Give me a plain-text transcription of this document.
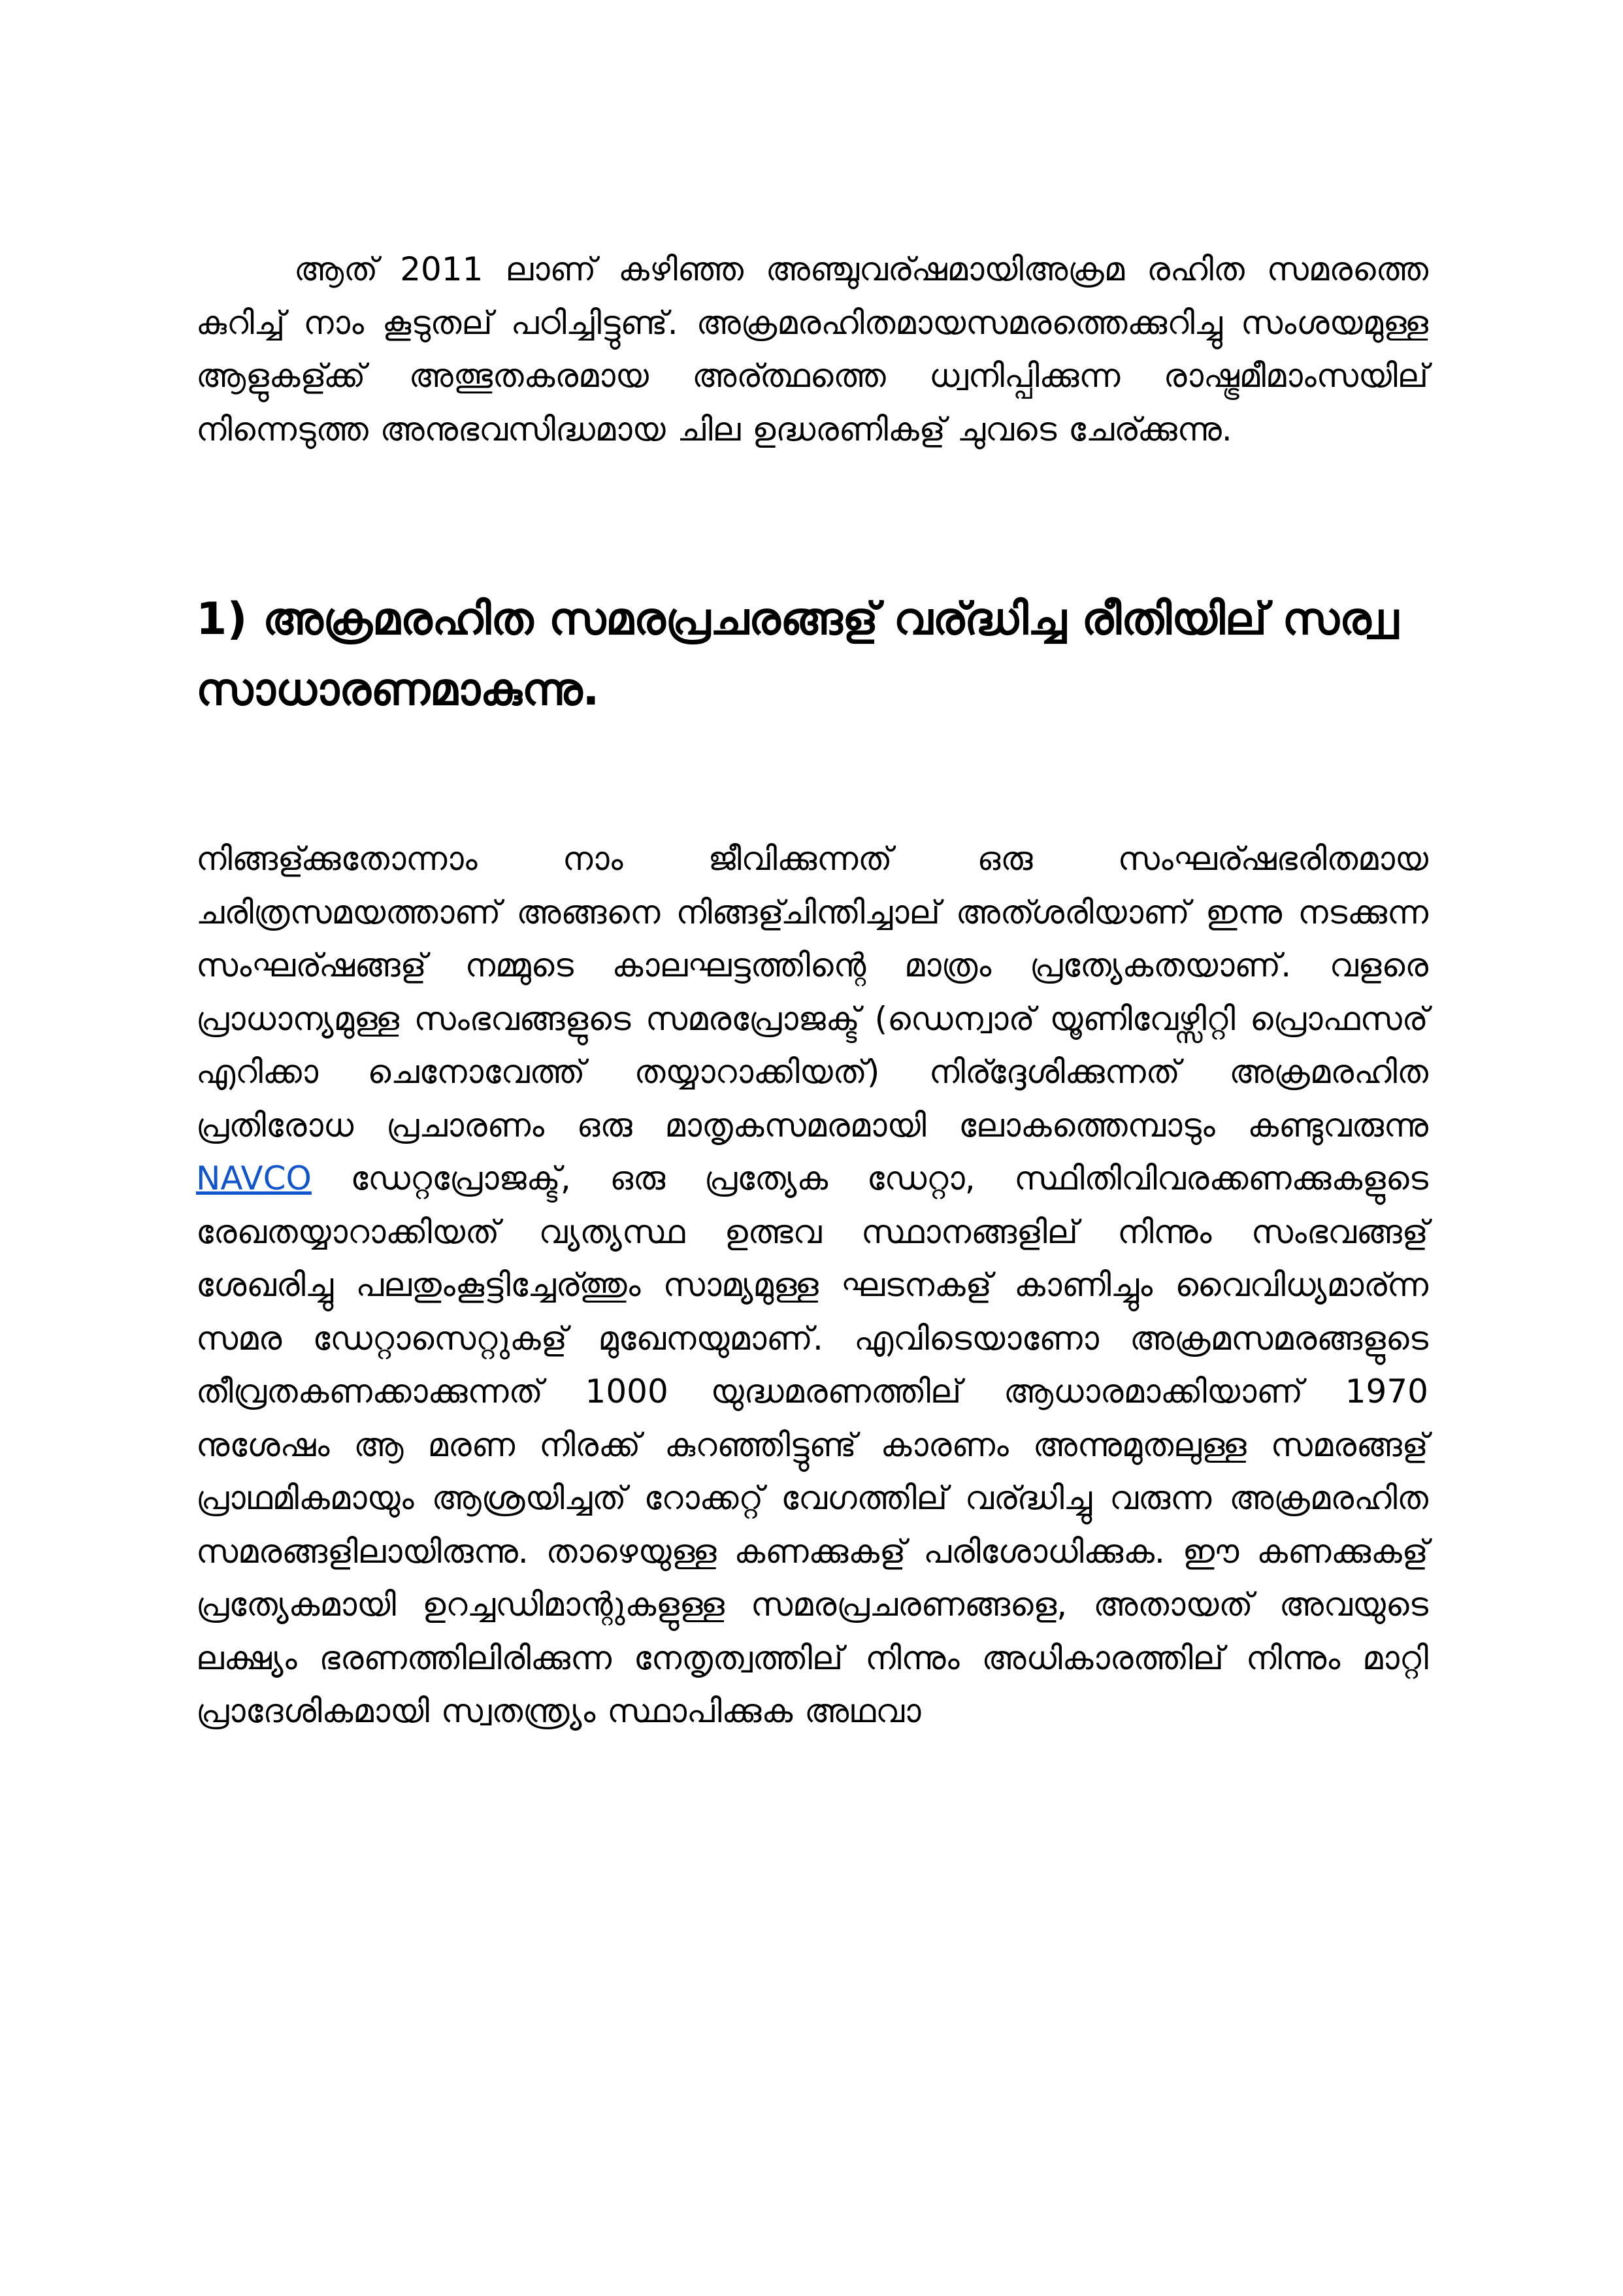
ആത് 2011 ലാണ് കഴിഞ്ഞ അഞ്ചുവര്ഷമായിഅക്രമ രഹിത സമരത്തെ കുറിച്ച് നാം കൂടുതല് പഠിച്ചിട്ടുണ്ട്. അക്രമരഹിതമായസമരത്തെക്കുറിച്ചു സംശയമുള്ള ആളുകള്ക്ക് അത്ഭുതകരമായ അര്ത്ഥത്തെ ധ്വനിപ്പിക്കുന്ന രാഷ്ട്രമീമാംസയില് നിന്നെടുത്ത അനുഭവസിദ്ധമായ ചില ഉദ്ധരണികള് ചുവടെ ചേര്ക്കുന്നു.

1) അക്രമരഹിത സമരപ്രചരങ്ങള് വര്ദ്ധിച്ച രീതിയില് സര്വ്വ സാധാരണമാകുന്നു.

നിങ്ങള്ക്കുതോന്നാം നാം ജീവിക്കുന്നത് ഒരു സംഘര്ഷഭരിതമായ ചരിത്രസമയത്താണ് അങ്ങനെ നിങ്ങള്ചിന്തിച്ചാല് അത്ശരിയാണ് ഇന്നു നടക്കുന്ന സംഘര്ഷങ്ങള് നമ്മുടെ കാലഘട്ടത്തിന്റെ മാത്രം പ്രത്യേകതയാണ്. വളരെ പ്രാധാന്യമുള്ള സംഭവങ്ങളുടെ സമരപ്രോജക്ട് (ഡെന്വാര് യൂണിവേഴ്സിറ്റി പ്രൊഫസര് എറിക്കാ ചെനോവേത്ത് തയ്യാറാക്കിയത്) നിര്ദ്ദേശിക്കുന്നത് അക്രമരഹിത പ്രതിരോധ പ്രചാരണം ഒരു മാതൃകസമരമായി ലോകത്തെമ്പാടും കണ്ടുവരുന്നു NAVCO ഡേറ്റപ്രോജക്ട്, ഒരു പ്രത്യേക ഡേറ്റാ, സ്ഥിതിവിവരക്കണക്കുകളുടെ രേഖതയ്യാറാക്കിയത് വ്യത്യസ്ഥ ഉത്ഭവ സ്ഥാനങ്ങളില് നിന്നും സംഭവങ്ങള് ശേഖരിച്ചു പലതുംകൂട്ടിച്ചേര്ത്തും സാമ്യമുള്ള ഘടനകള് കാണിച്ചും വൈവിധ്യമാര്ന്ന സമര ഡേറ്റാസെറ്റുകള് മുഖേനയുമാണ്. എവിടെയാണോ അക്രമസമരങ്ങളുടെ തീവ്രതകണക്കാക്കുന്നത് 1000 യുദ്ധമരണത്തില് ആധാരമാക്കിയാണ് 1970 നുശേഷം ആ മരണ നിരക്ക് കുറഞ്ഞിട്ടുണ്ട് കാരണം അന്നുമുതലുള്ള സമരങ്ങള് പ്രാഥമികമായും ആശ്രയിച്ചത് റോക്കറ്റ് വേഗത്തില് വര്ദ്ധിച്ചു വരുന്ന അക്രമരഹിത സമരങ്ങളിലായിരുന്നു. താഴെയുള്ള കണക്കുകള് പരിശോധിക്കുക. ഈ കണക്കുകള് പ്രത്യേകമായി ഉറച്ചഡിമാന്റുകളുള്ള സമരപ്രചരണങ്ങളെ, അതായത് അവയുടെ ലക്ഷ്യം ഭരണത്തിലിരിക്കുന്ന നേതൃത്വത്തില് നിന്നും അധികാരത്തില് നിന്നും മാറ്റി പ്രാദേശികമായി സ്വതന്ത്ര്യം സ്ഥാപിക്കുക അഥവാ
